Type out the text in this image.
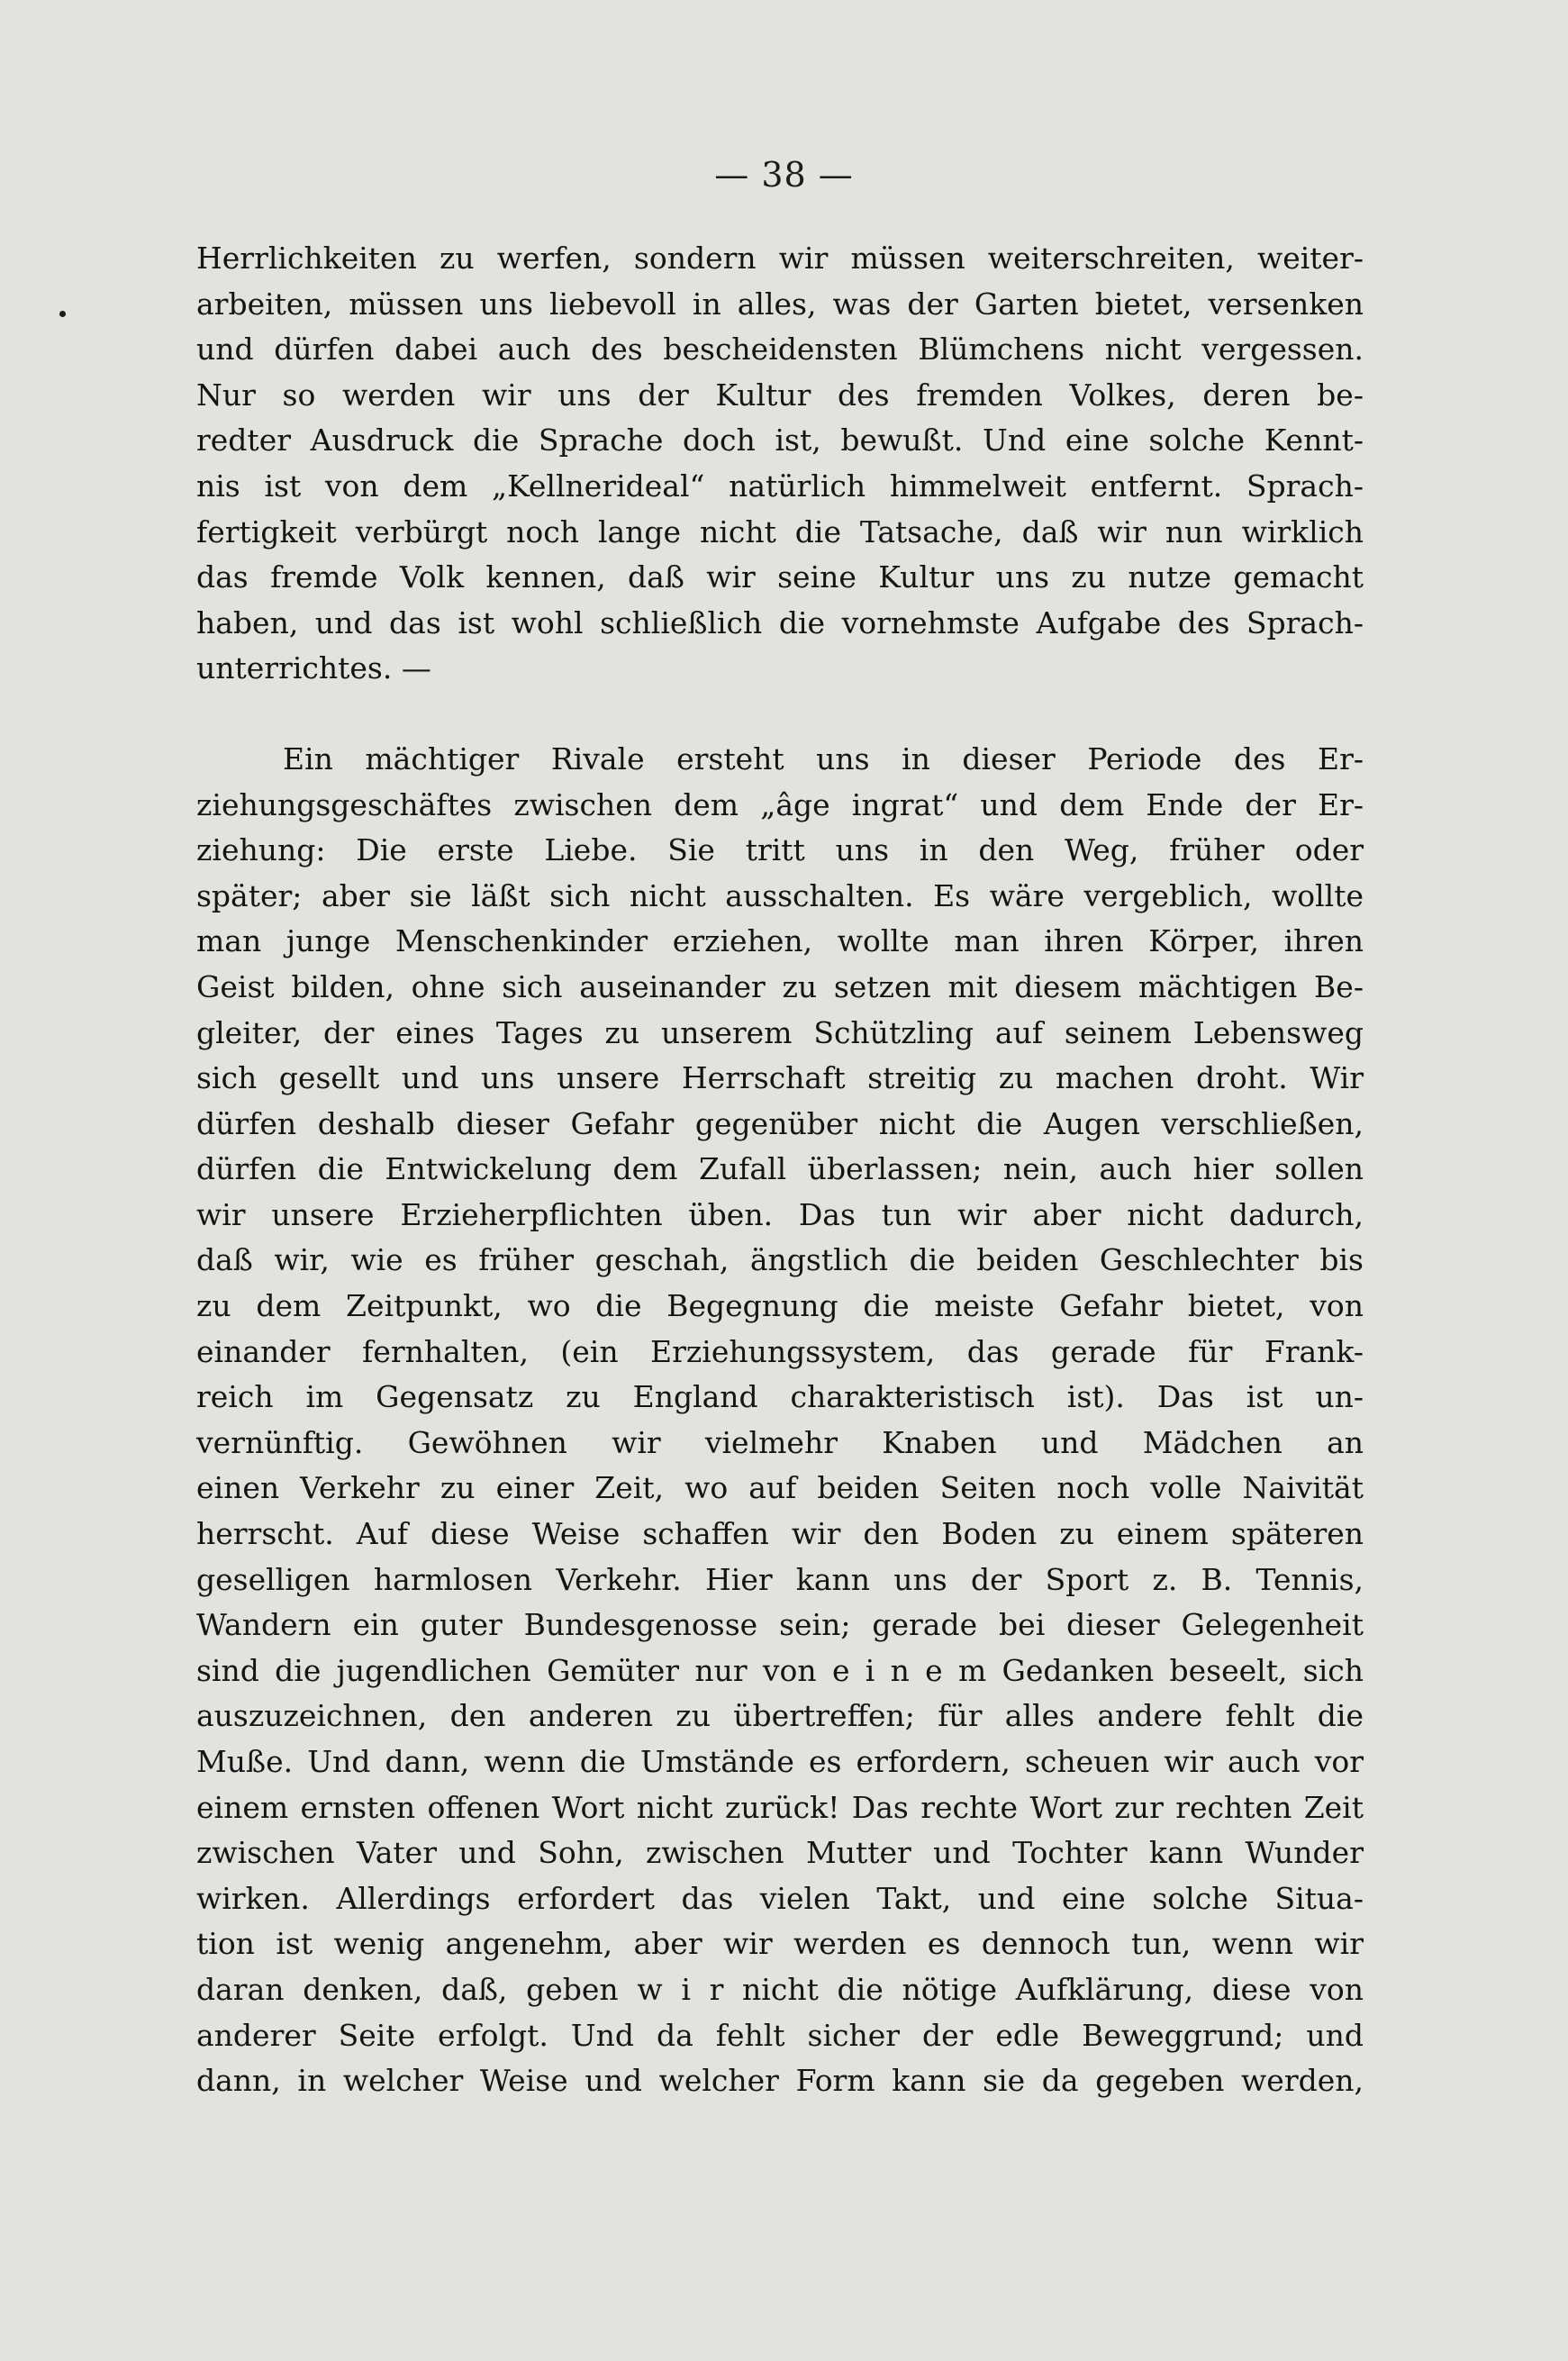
— 38 —

Herrlichkeiten zu werfen, sondern wir müssen weiterschreiten, weiter-
arbeiten, müssen uns liebevoll in alles, was der Garten bietet, versenken
und dürfen dabei auch des bescheidensten Blümchens nicht vergessen.
Nur so werden wir uns der Kultur des fremden Volkes, deren be-
redter Ausdruck die Sprache doch ist, bewußt. Und eine solche Kennt-
nis ist von dem „Kellnerideal“ natürlich himmelweit entfernt. Sprach-
fertigkeit verbürgt noch lange nicht die Tatsache, daß wir nun wirklich
das fremde Volk kennen, daß wir seine Kultur uns zu nutze gemacht
haben, und das ist wohl schließlich die vornehmste Aufgabe des Sprach-
unterrichtes. —

Ein mächtiger Rivale ersteht uns in dieser Periode des Er-
ziehungsgeschäftes zwischen dem „âge ingrat“ und dem Ende der Er-
ziehung: Die erste Liebe. Sie tritt uns in den Weg, früher oder
später; aber sie läßt sich nicht ausschalten. Es wäre vergeblich, wollte
man junge Menschenkinder erziehen, wollte man ihren Körper, ihren
Geist bilden, ohne sich auseinander zu setzen mit diesem mächtigen Be-
gleiter, der eines Tages zu unserem Schützling auf seinem Lebensweg
sich gesellt und uns unsere Herrschaft streitig zu machen droht. Wir
dürfen deshalb dieser Gefahr gegenüber nicht die Augen verschließen,
dürfen die Entwickelung dem Zufall überlassen; nein, auch hier sollen
wir unsere Erzieherpflichten üben. Das tun wir aber nicht dadurch,
daß wir, wie es früher geschah, ängstlich die beiden Geschlechter bis
zu dem Zeitpunkt, wo die Begegnung die meiste Gefahr bietet, von
einander fernhalten, (ein Erziehungssystem, das gerade für Frank-
reich im Gegensatz zu England charakteristisch ist). Das ist un-
vernünftig. Gewöhnen wir vielmehr Knaben und Mädchen an
einen Verkehr zu einer Zeit, wo auf beiden Seiten noch volle Naivität
herrscht. Auf diese Weise schaffen wir den Boden zu einem späteren
geselligen harmlosen Verkehr. Hier kann uns der Sport z. B. Tennis,
Wandern ein guter Bundesgenosse sein; gerade bei dieser Gelegenheit
sind die jugendlichen Gemüter nur von e i n e m Gedanken beseelt, sich
auszuzeichnen, den anderen zu übertreffen; für alles andere fehlt die
Muße. Und dann, wenn die Umstände es erfordern, scheuen wir auch vor
einem ernsten offenen Wort nicht zurück! Das rechte Wort zur rechten Zeit
zwischen Vater und Sohn, zwischen Mutter und Tochter kann Wunder
wirken. Allerdings erfordert das vielen Takt, und eine solche Situa-
tion ist wenig angenehm, aber wir werden es dennoch tun, wenn wir
daran denken, daß, geben w i r nicht die nötige Aufklärung, diese von
anderer Seite erfolgt. Und da fehlt sicher der edle Beweggrund; und
dann, in welcher Weise und welcher Form kann sie da gegeben werden,
